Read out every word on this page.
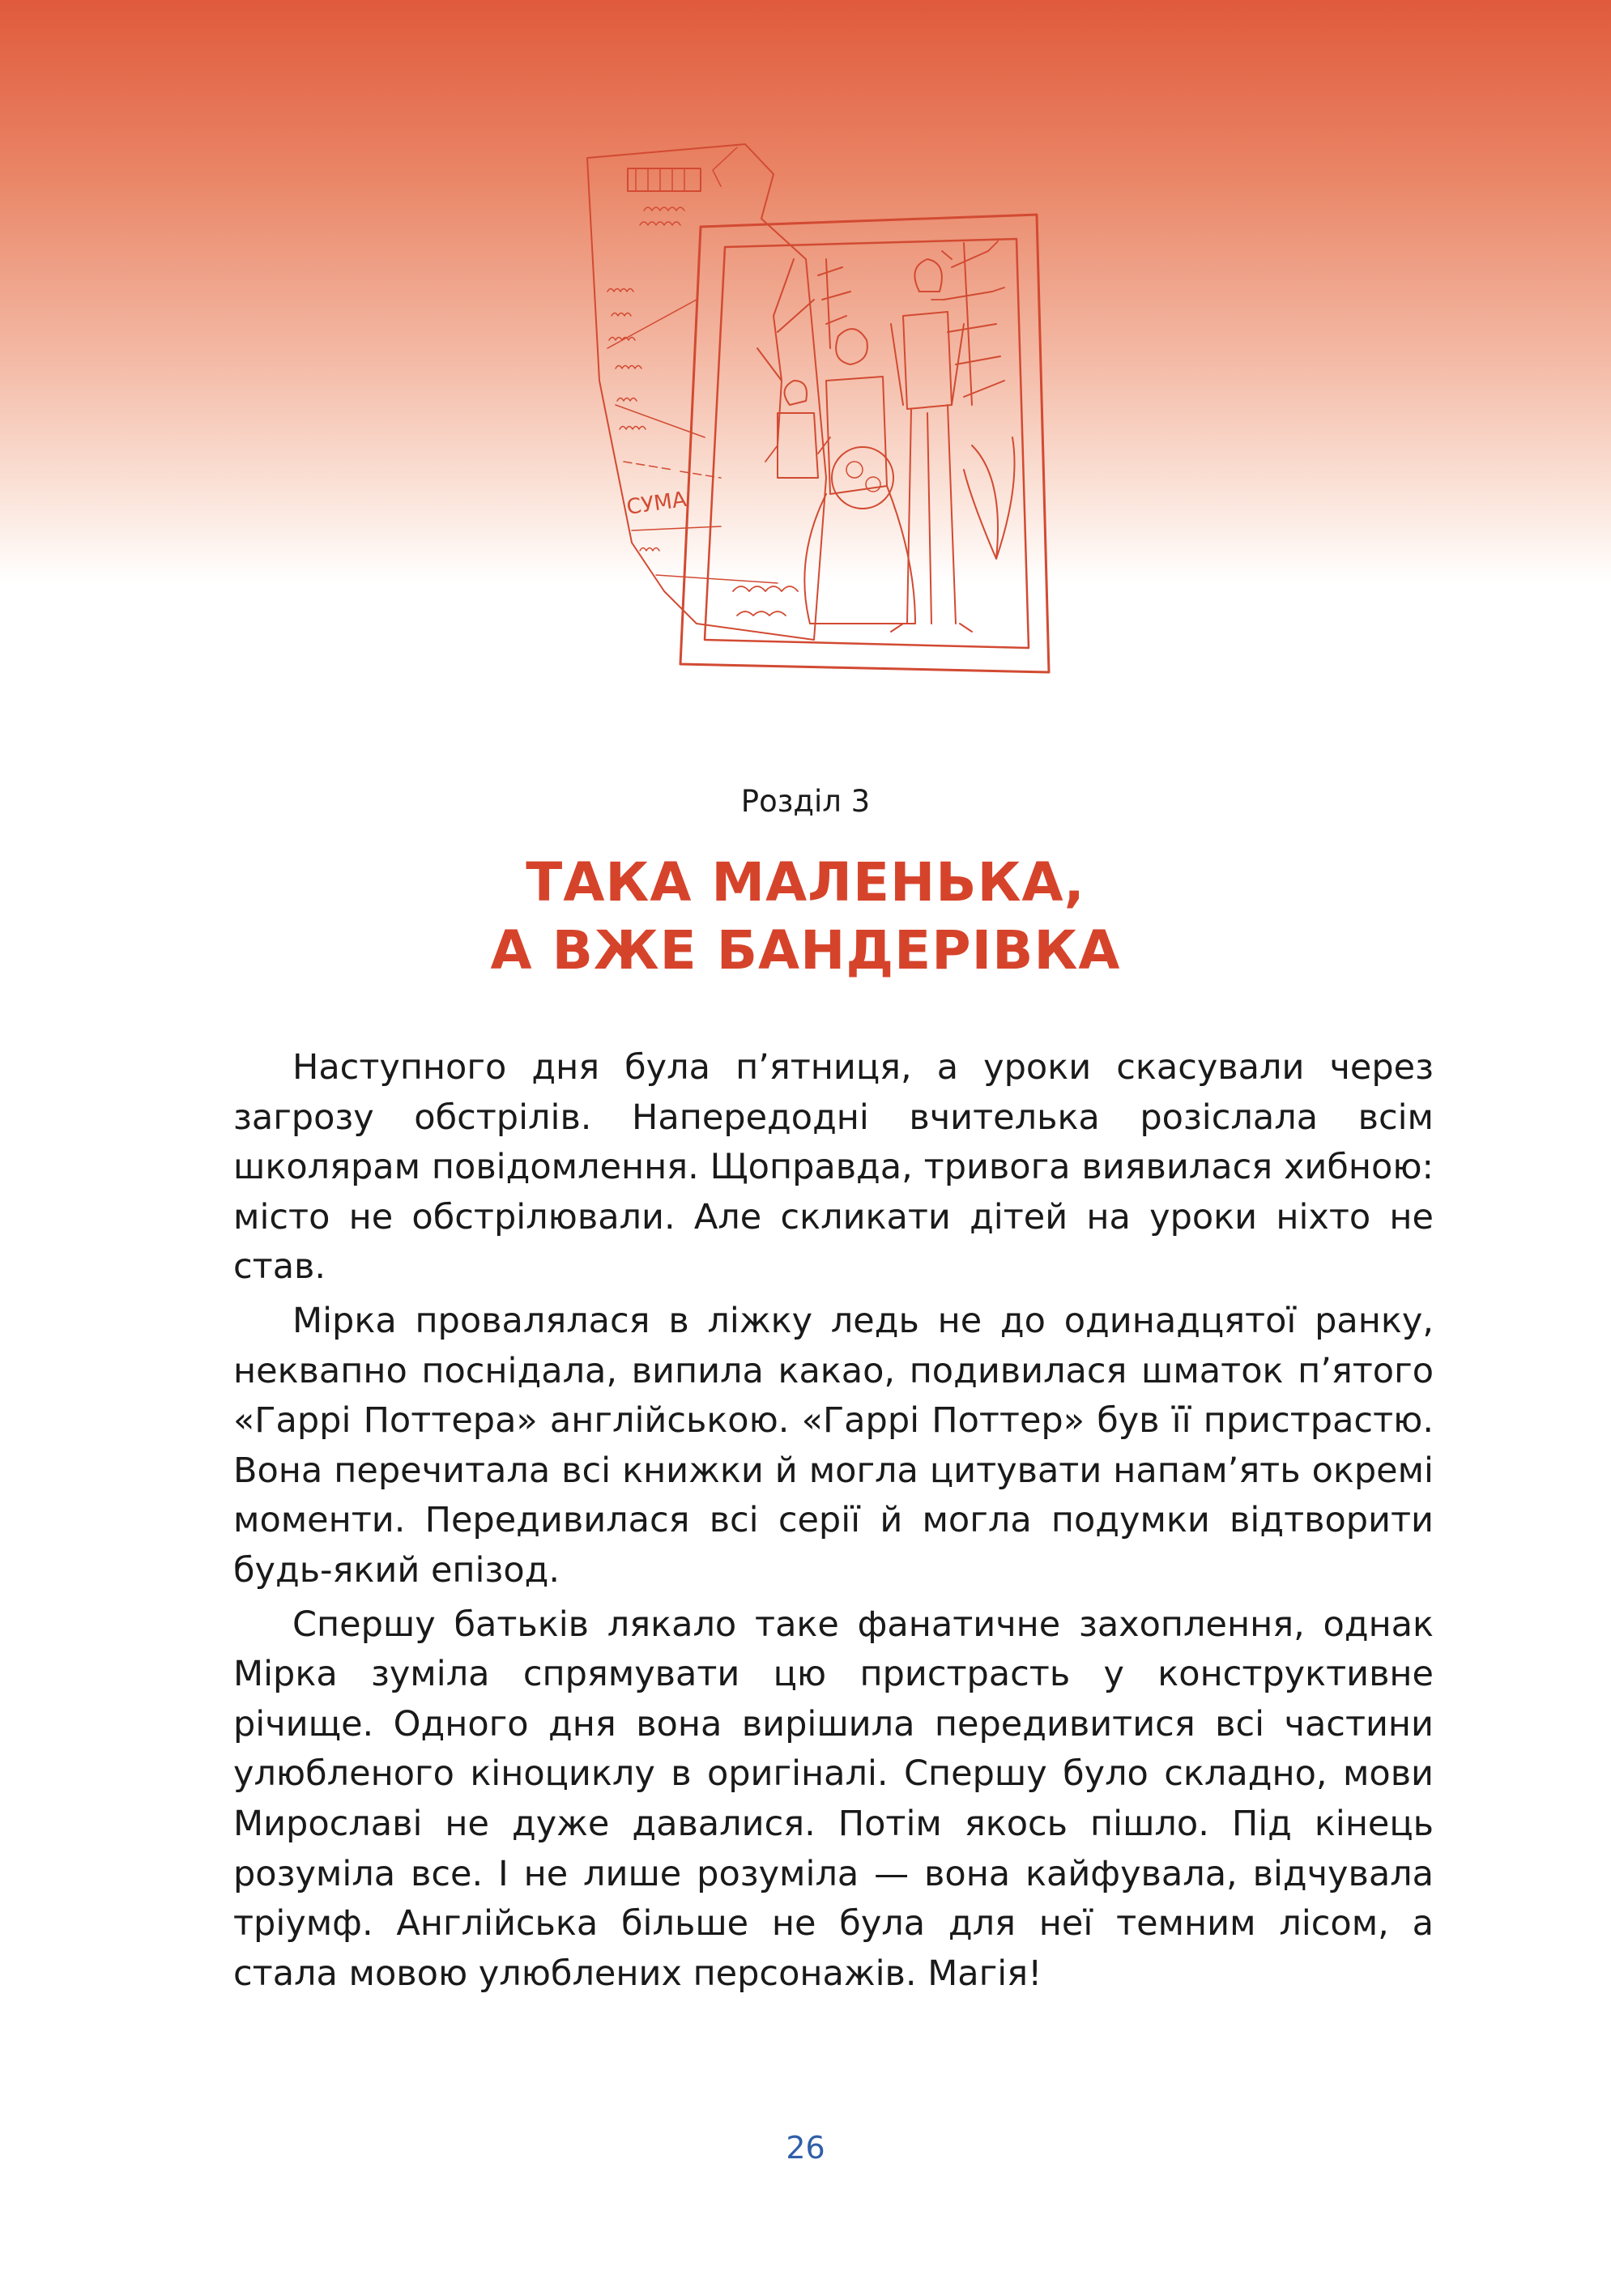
СУМА
Розділ 3
ТАКА МАЛЕНЬКА,
А ВЖЕ БАНДЕРІВКА

Наступного дня була п’ятниця, а уроки скасували через загрозу обстрілів. Напередодні вчителька розіслала всім школярам повідомлення. Щоправда, тривога виявилася хибною: місто не обстрілювали. Але скликати дітей на уроки ніхто не став.

Мірка провалялася в ліжку ледь не до одинадцятої ранку, неквапно поснідала, випила какао, подивилася шматок п’ятого «Гаррі Поттера» англійською. «Гаррі Поттер» був її пристрастю. Вона перечитала всі книжки й могла цитувати напам’ять окремі моменти. Передивилася всі серії й могла подумки відтворити будь-який епізод.

Спершу батьків лякало таке фанатичне захоплення, однак Мірка зуміла спрямувати цю пристрасть у конструктивне річище. Одного дня вона вирішила передивитися всі частини улюбленого кіноциклу в оригіналі. Спершу було складно, мови Мирославі не дуже давалися. Потім якось пішло. Під кінець розуміла все. І не лише розуміла — вона кайфувала, відчувала тріумф. Англійська більше не була для неї темним лісом, а стала мовою улюблених персонажів. Магія!

26
